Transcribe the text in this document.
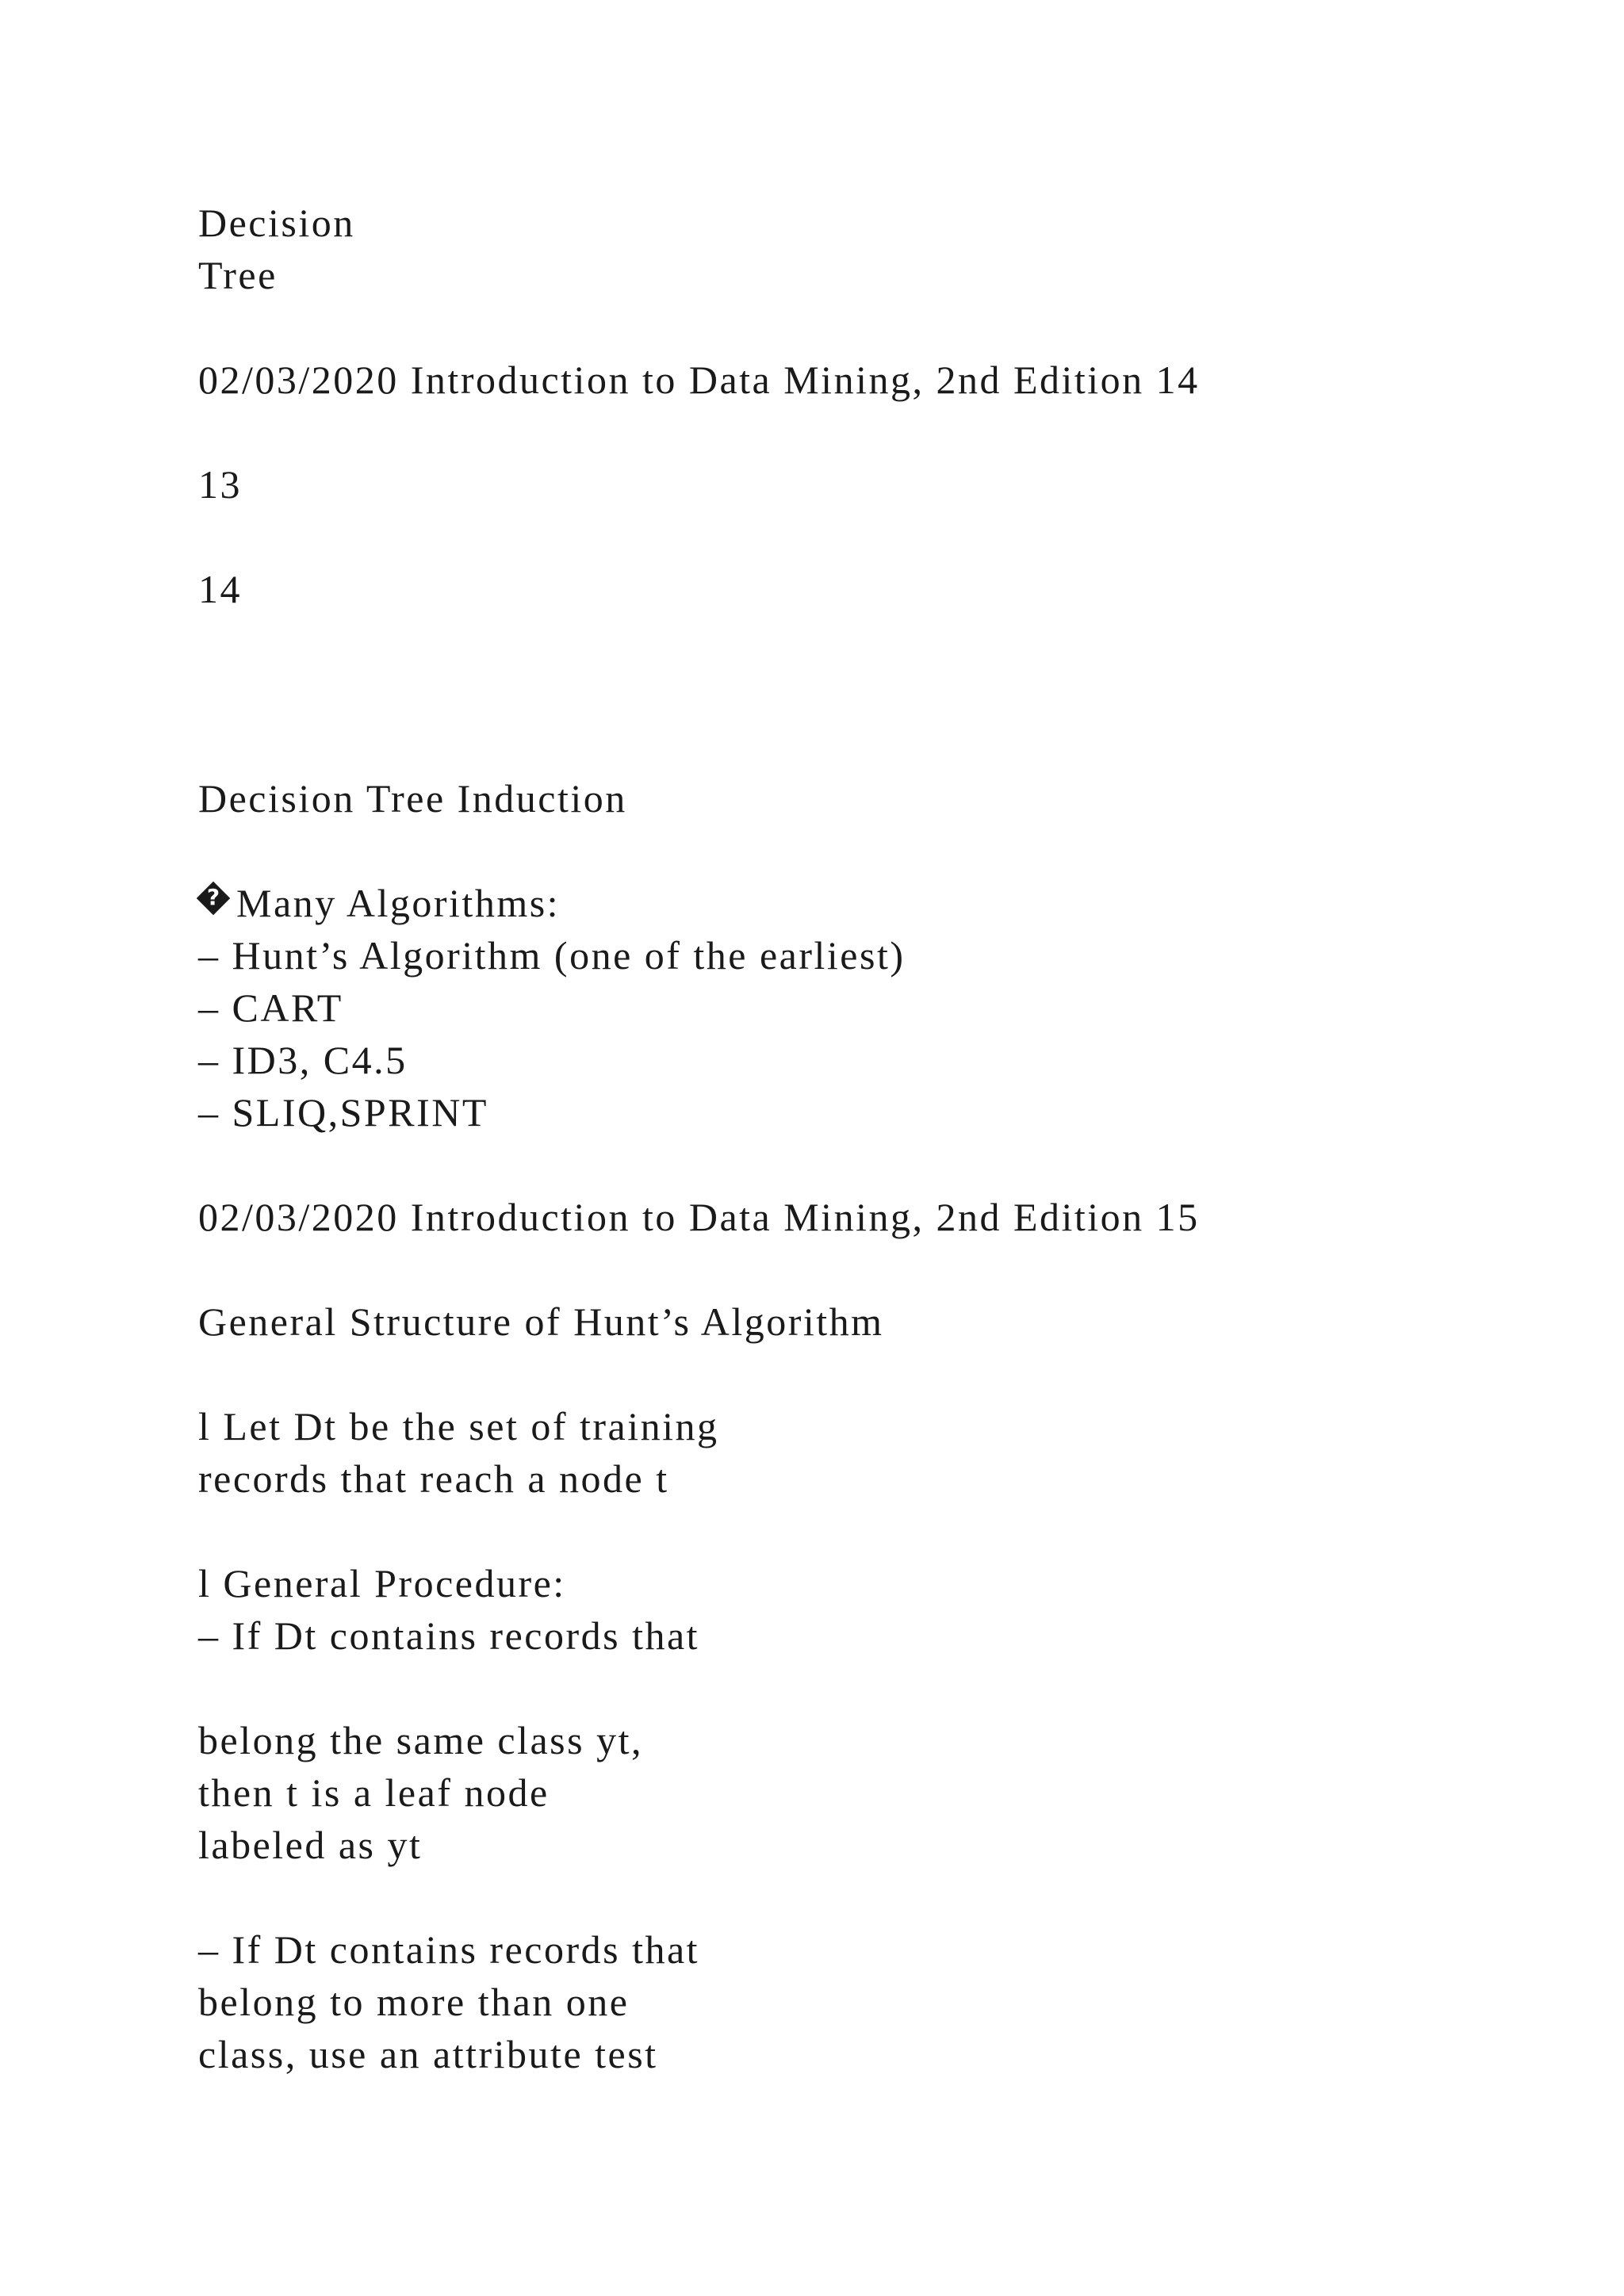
Decision
Tree
02/03/2020 Introduction to Data Mining, 2nd Edition 14
13
14
Decision Tree Induction
? Many Algorithms:
– Hunt’s Algorithm (one of the earliest)
– CART
– ID3, C4.5
– SLIQ,SPRINT
02/03/2020 Introduction to Data Mining, 2nd Edition 15
General Structure of Hunt’s Algorithm
l Let Dt be the set of training
records that reach a node t
l General Procedure:
– If Dt contains records that
belong the same class yt,
then t is a leaf node
labeled as yt
– If Dt contains records that
belong to more than one
class, use an attribute test
